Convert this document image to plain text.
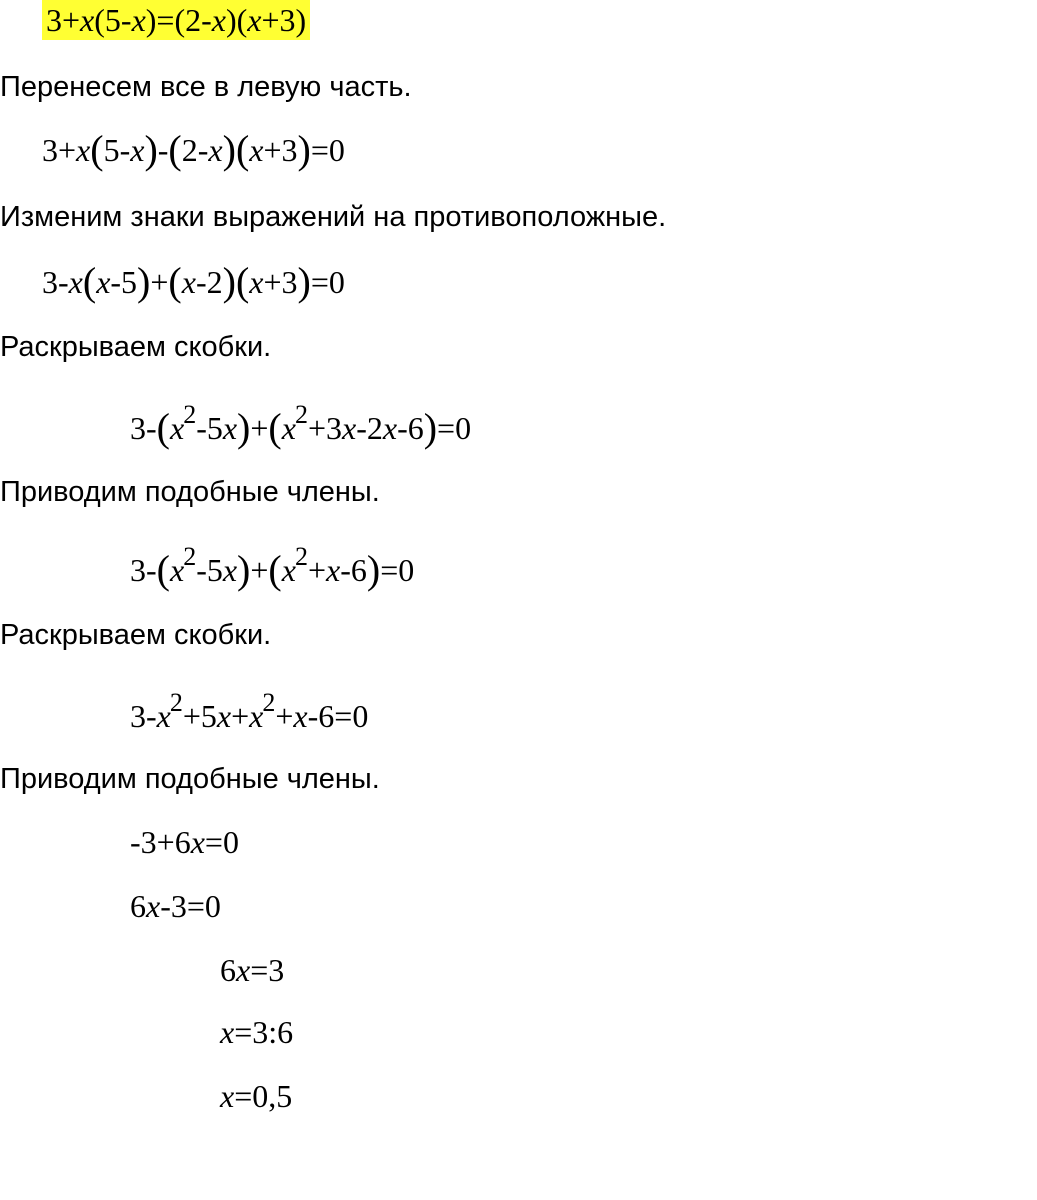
3+x(5-x)=(2-x)(x+3)
Перенесем все в левую часть.
3+x(5-x)-(2-x)(x+3)=0
Изменим знаки выражений на противоположные.
3-x(x-5)+(x-2)(x+3)=0
Раскрываем скобки.
$3-(x^2-5x)+(x^2+3x-2x-6)=0$
Приводим подобные члены.
$3-(x^2-5x)+(x^2+x-6)=0$
Раскрываем скобки.
$3-x^2+5x+x^2+x-6=0$
Приводим подобные члены.
-3+6x=0
6x-3=0
6x=3
x=3:6
x=0,5
